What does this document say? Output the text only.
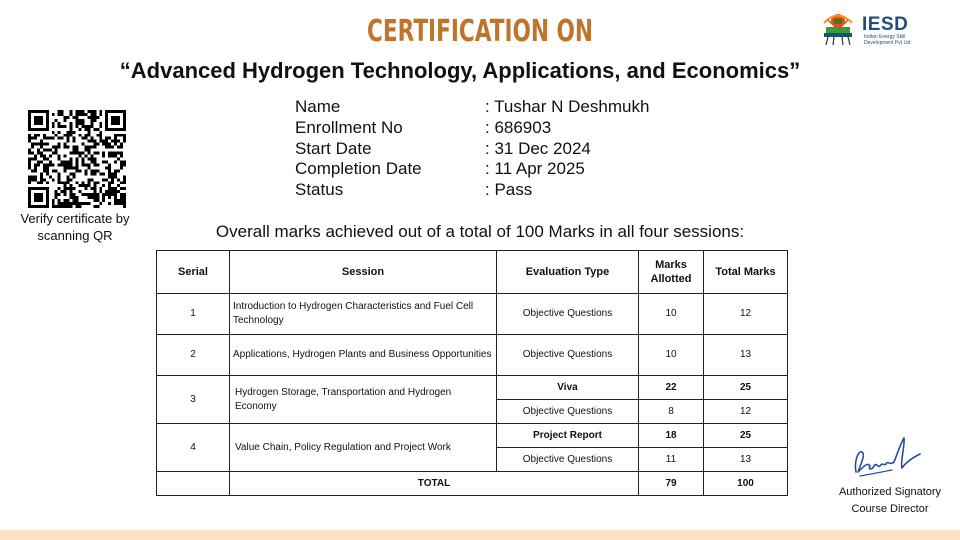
CERTIFICATION ON
“Advanced Hydrogen Technology, Applications, and Economics”
IESD
Indian Energy Skill Development Pvt Ltd
Verify certificate by scanning QR
Name	: Tushar N Deshmukh
Enrollment No	: 686903
Start Date	: 31 Dec 2024
Completion Date	: 11 Apr 2025
Status	: Pass
Overall marks achieved out of a total of 100 Marks in all four sessions:
Serial	Session	Evaluation Type	Marks Allotted	Total Marks
1	Introduction to Hydrogen Characteristics and Fuel Cell Technology	Objective Questions	10	12
2	Applications, Hydrogen Plants and Business Opportunities	Objective Questions	10	13
3	Hydrogen Storage, Transportation and Hydrogen Economy	Viva	22	25
		Objective Questions	8	12
4	Value Chain, Policy Regulation and Project Work	Project Report	18	25
		Objective Questions	11	13
	TOTAL		79	100
Authorized Signatory
Course Director
